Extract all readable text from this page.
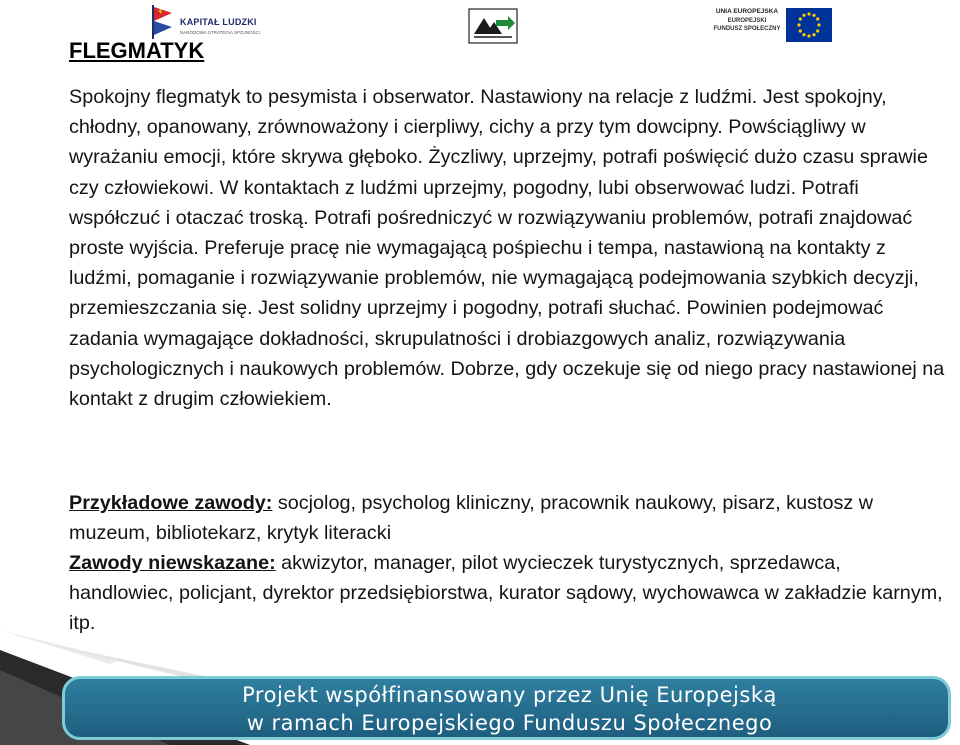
KAPITAŁ LUDZKI
NARODOWA STRATEGIA SPÓJNOŚCI
UNIA EUROPEJSKA
EUROPEJSKI
FUNDUSZ SPOŁECZNY
FLEGMATYK

Spokojny flegmatyk to pesymista i obserwator. Nastawiony na relacje z ludźmi. Jest spokojny, chłodny, opanowany, zrównoważony i cierpliwy, cichy a przy tym dowcipny. Powściągliwy w wyrażaniu emocji, które skrywa głęboko. Życzliwy, uprzejmy, potrafi poświęcić dużo czasu sprawie czy człowiekowi. W kontaktach z ludźmi uprzejmy, pogodny, lubi obserwować ludzi. Potrafi współczuć i otaczać troską. Potrafi pośredniczyć w rozwiązywaniu problemów, potrafi znajdować proste wyjścia. Preferuje pracę nie wymagającą pośpiechu i tempa, nastawioną na kontakty z ludźmi, pomaganie i rozwiązywanie problemów, nie wymagającą podejmowania szybkich decyzji, przemieszczania się. Jest solidny uprzejmy i pogodny, potrafi słuchać. Powinien podejmować zadania wymagające dokładności, skrupulatności i drobiazgowych analiz, rozwiązywania psychologicznych i naukowych problemów. Dobrze, gdy oczekuje się od niego pracy nastawionej na kontakt z drugim człowiekiem.

Przykładowe zawody: socjolog, psycholog kliniczny, pracownik naukowy, pisarz, kustosz w muzeum, bibliotekarz, krytyk literacki
Zawody niewskazane: akwizytor, manager, pilot wycieczek turystycznych, sprzedawca, handlowiec, policjant, dyrektor przedsiębiorstwa, kurator sądowy, wychowawca w zakładzie karnym, itp.

Projekt współfinansowany przez Unię Europejską
w ramach Europejskiego Funduszu Społecznego
